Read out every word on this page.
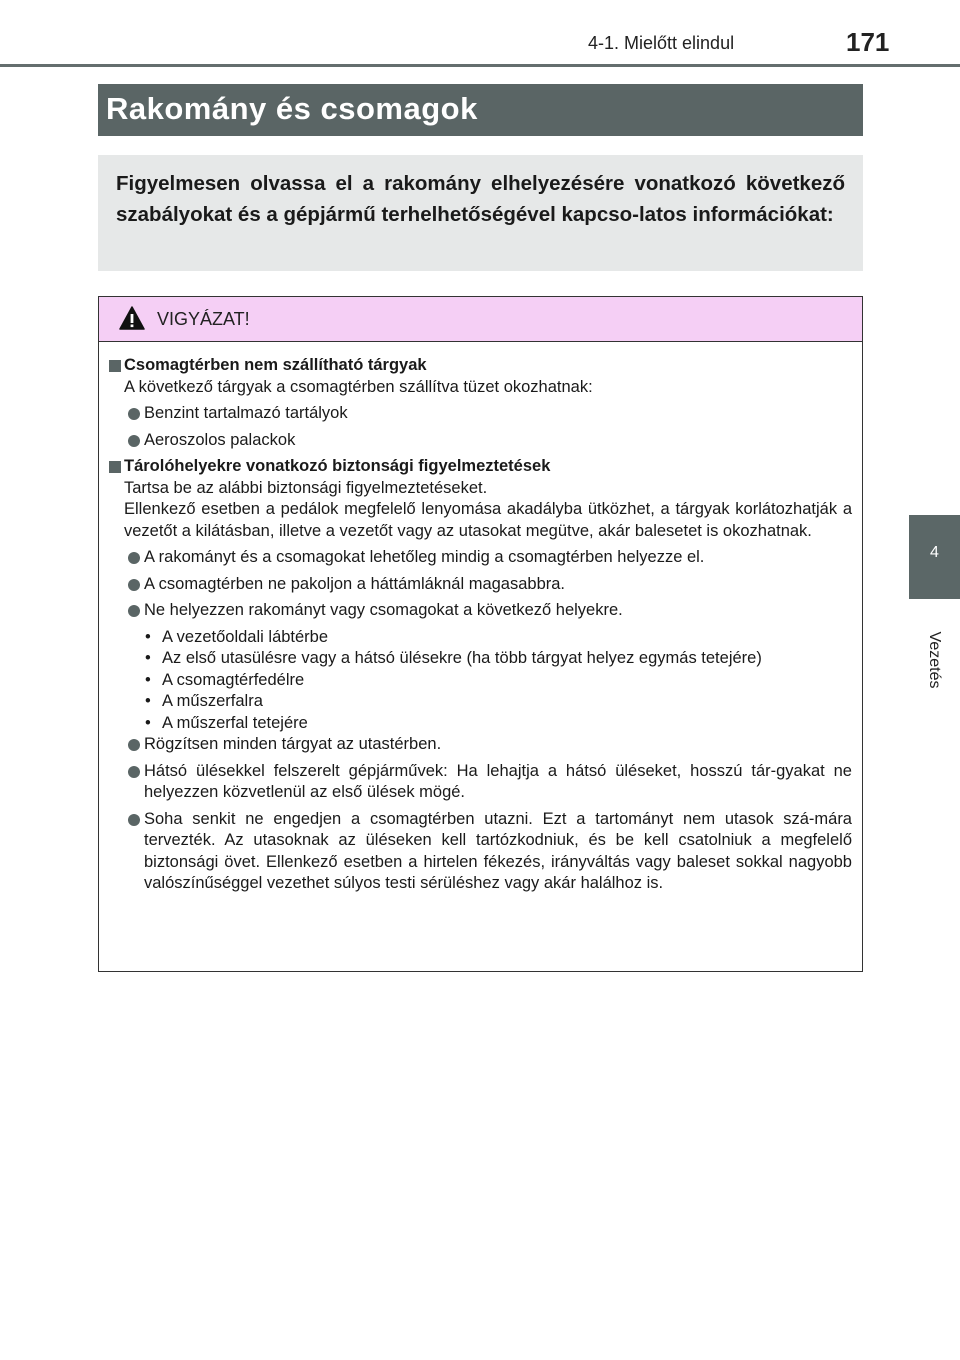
4-1. Mielőtt elindul	171
4
Vezetés
Rakomány és csomagok

Figyelmesen olvassa el a rakomány elhelyezésére vonatkozó következő szabályokat és a gépjármű terhelhetőségével kapcso-latos információkat:

VIGYÁZAT!
Csomagtérben nem szállítható tárgyak
A következő tárgyak a csomagtérben szállítva tüzet okozhatnak:
Benzint tartalmazó tartályok
Aeroszolos palackok
Tárolóhelyekre vonatkozó biztonsági figyelmeztetések
Tartsa be az alábbi biztonsági figyelmeztetéseket.
Ellenkező esetben a pedálok megfelelő lenyomása akadályba ütközhet, a tárgyak korlátozhatják a vezetőt a kilátásban, illetve a vezetőt vagy az utasokat megütve, akár balesetet is okozhatnak.
A rakományt és a csomagokat lehetőleg mindig a csomagtérben helyezze el.
A csomagtérben ne pakoljon a háttámláknál magasabbra.
Ne helyezzen rakományt vagy csomagokat a következő helyekre.
• A vezetőoldali lábtérbe
• Az első utasülésre vagy a hátsó ülésekre (ha több tárgyat helyez egymás tetejére)
• A csomagtérfedélre
• A műszerfalra
• A műszerfal tetejére
Rögzítsen minden tárgyat az utastérben.
Hátsó ülésekkel felszerelt gépjárművek: Ha lehajtja a hátsó üléseket, hosszú tár-gyakat ne helyezzen közvetlenül az első ülések mögé.
Soha senkit ne engedjen a csomagtérben utazni. Ezt a tartományt nem utasok szá-mára tervezték. Az utasoknak az üléseken kell tartózkodniuk, és be kell csatolniuk a megfelelő biztonsági övet. Ellenkező esetben a hirtelen fékezés, irányváltás vagy baleset sokkal nagyobb valószínűséggel vezethet súlyos testi sérüléshez vagy akár halálhoz is.
